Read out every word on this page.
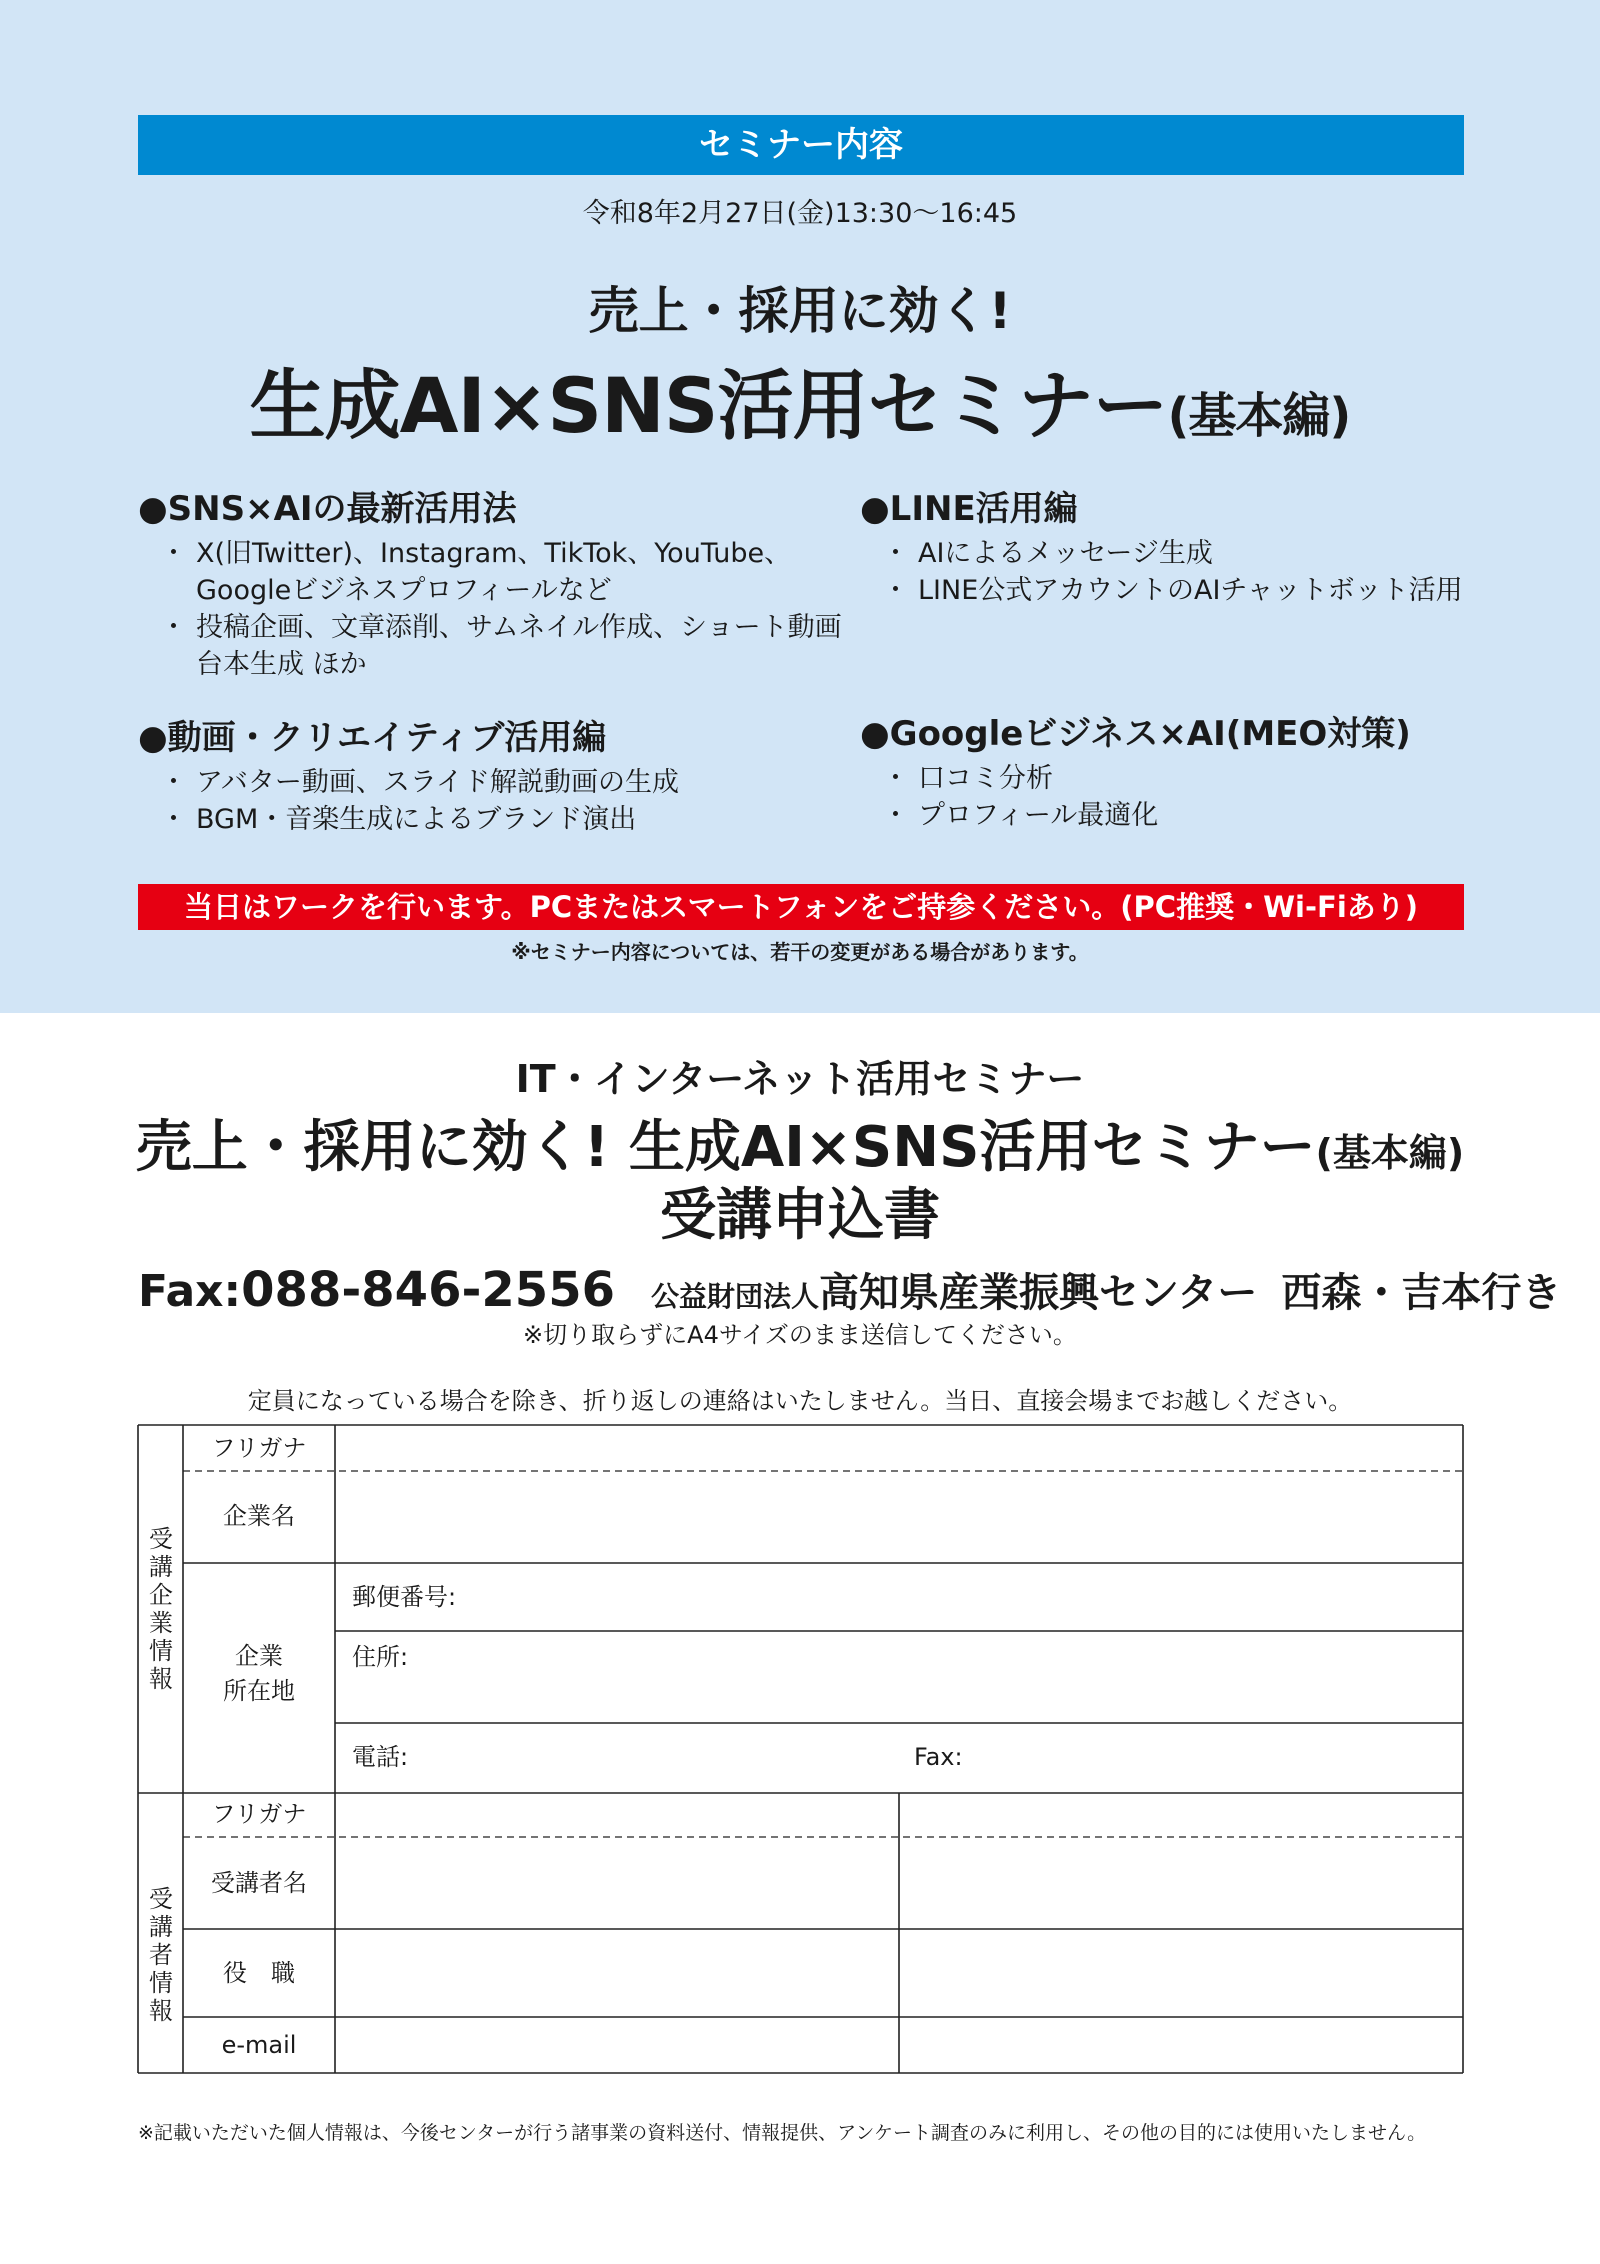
セミナー内容
令和8年2月27日(金)13:30〜16:45
売上・採用に効く!
生成AI×SNS活用セミナー(基本編)
●SNS×AIの最新活用法
・ X(旧Twitter)、Instagram、TikTok、YouTube、
Googleビジネスプロフィールなど
・ 投稿企画、文章添削、サムネイル作成、ショート動画
台本生成 ほか
●LINE活用編
・ AIによるメッセージ生成
・ LINE公式アカウントのAIチャットボット活用
●動画・クリエイティブ活用編
・ アバター動画、スライド解説動画の生成
・ BGM・音楽生成によるブランド演出
●Googleビジネス×AI(MEO対策)
・ 口コミ分析
・ プロフィール最適化
当日はワークを行います。PCまたはスマートフォンをご持参ください。(PC推奨・Wi-Fiあり)
※セミナー内容については、若干の変更がある場合があります。
IT・インターネット活用セミナー
売上・採用に効く! 生成AI×SNS活用セミナー(基本編)
受講申込書
Fax:088-846-2556 公益財団法人高知県産業振興センター 西森・吉本行き
※切り取らずにA4サイズのまま送信してください。
定員になっている場合を除き、折り返しの連絡はいたしません。当日、直接会場までお越しください。
受
講
企
業
情
報
受
講
者
情
報
フリガナ
企業名
企業
所在地
フリガナ
受講者名
役　職
e-mail
郵便番号:
住所:
電話:	Fax:
※記載いただいた個人情報は、今後センターが行う諸事業の資料送付、情報提供、アンケート調査のみに利用し、その他の目的には使用いたしません。
